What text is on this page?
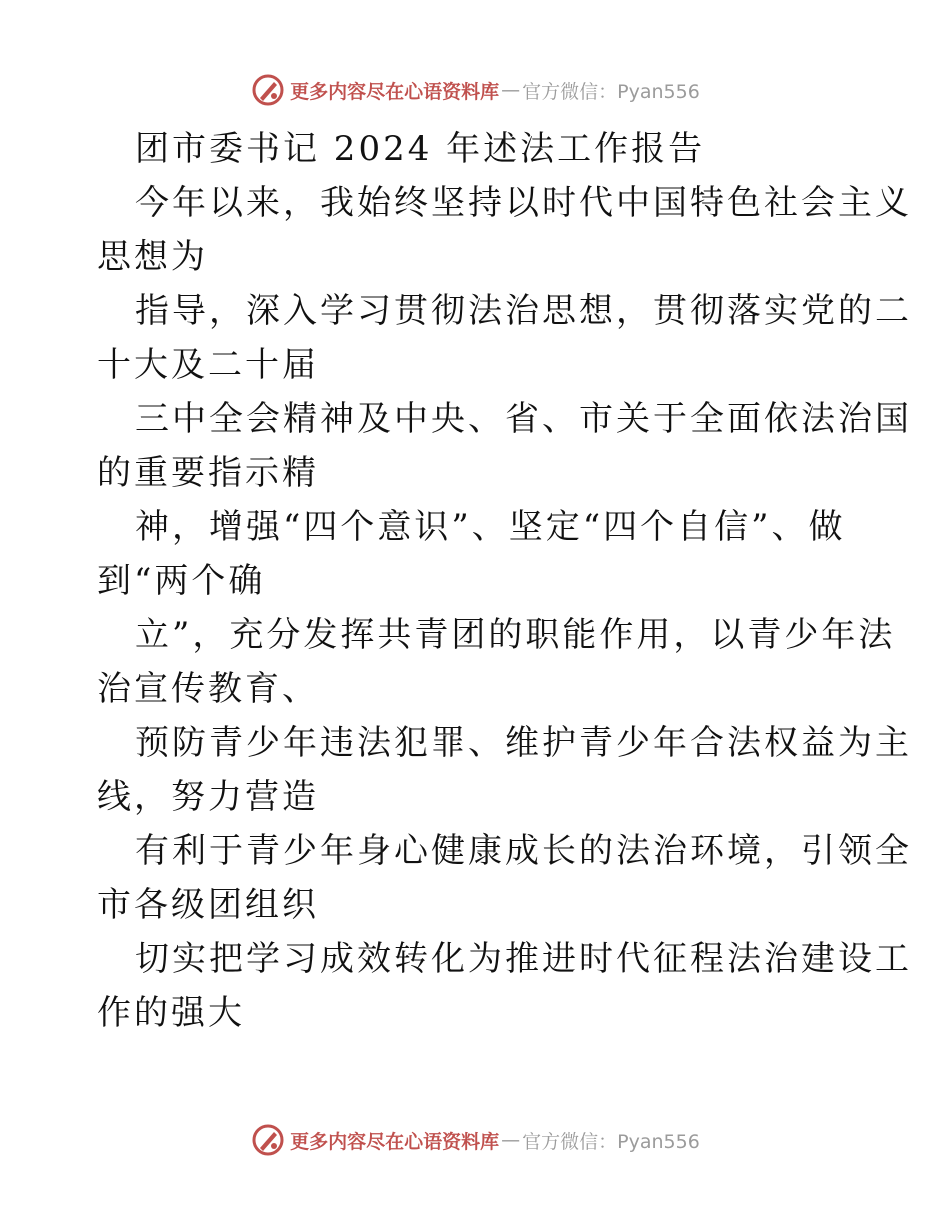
更多内容尽在心语资料库 — 官方微信：Pyan556
团市委书记 2024 年述法工作报告
今年以来，我始终坚持以时代中国特色社会主义
思想为
指导，深入学习贯彻法治思想，贯彻落实党的二
十大及二十届
三中全会精神及中央、省、市关于全面依法治国
的重要指示精
神，增强“四个意识”、坚定“四个自信”、做
到“两个确
立”，充分发挥共青团的职能作用，以青少年法
治宣传教育、
预防青少年违法犯罪、维护青少年合法权益为主
线，努力营造
有利于青少年身心健康成长的法治环境，引领全
市各级团组织
切实把学习成效转化为推进时代征程法治建设工
作的强大
更多内容尽在心语资料库 — 官方微信：Pyan556
